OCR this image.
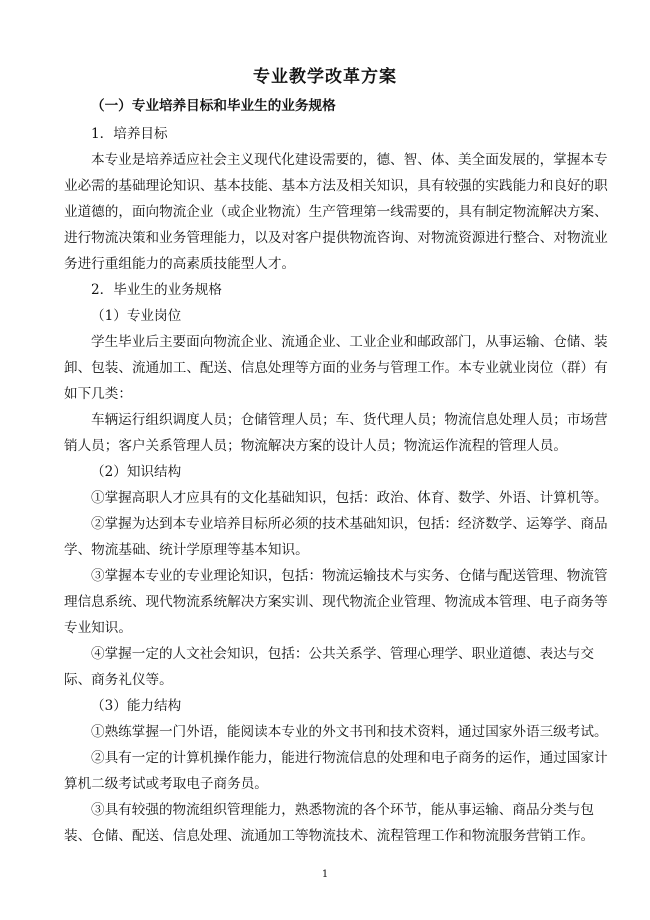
专业教学改革方案
（一）专业培养目标和毕业生的业务规格
1．培养目标
本专业是培养适应社会主义现代化建设需要的，德、智、体、美全面发展的，掌握本专
业必需的基础理论知识、基本技能、基本方法及相关知识，具有较强的实践能力和良好的职
业道德的，面向物流企业（或企业物流）生产管理第一线需要的，具有制定物流解决方案、
进行物流决策和业务管理能力，以及对客户提供物流咨询、对物流资源进行整合、对物流业
务进行重组能力的高素质技能型人才。
2．毕业生的业务规格
（1）专业岗位
学生毕业后主要面向物流企业、流通企业、工业企业和邮政部门，从事运输、仓储、装
卸、包装、流通加工、配送、信息处理等方面的业务与管理工作。本专业就业岗位（群）有
如下几类：
车辆运行组织调度人员；仓储管理人员；车、货代理人员；物流信息处理人员；市场营
销人员；客户关系管理人员；物流解决方案的设计人员；物流运作流程的管理人员。
（2）知识结构
①掌握高职人才应具有的文化基础知识，包括：政治、体育、数学、外语、计算机等。
②掌握为达到本专业培养目标所必须的技术基础知识，包括：经济数学、运筹学、商品
学、物流基础、统计学原理等基本知识。
③掌握本专业的专业理论知识，包括：物流运输技术与实务、仓储与配送管理、物流管
理信息系统、现代物流系统解决方案实训、现代物流企业管理、物流成本管理、电子商务等
专业知识。
④掌握一定的人文社会知识，包括：公共关系学、管理心理学、职业道德、表达与交
际、商务礼仪等。
（3）能力结构
①熟练掌握一门外语，能阅读本专业的外文书刊和技术资料，通过国家外语三级考试。
②具有一定的计算机操作能力，能进行物流信息的处理和电子商务的运作，通过国家计
算机二级考试或考取电子商务员。
③具有较强的物流组织管理能力，熟悉物流的各个环节，能从事运输、商品分类与包
装、仓储、配送、信息处理、流通加工等物流技术、流程管理工作和物流服务营销工作。
1
